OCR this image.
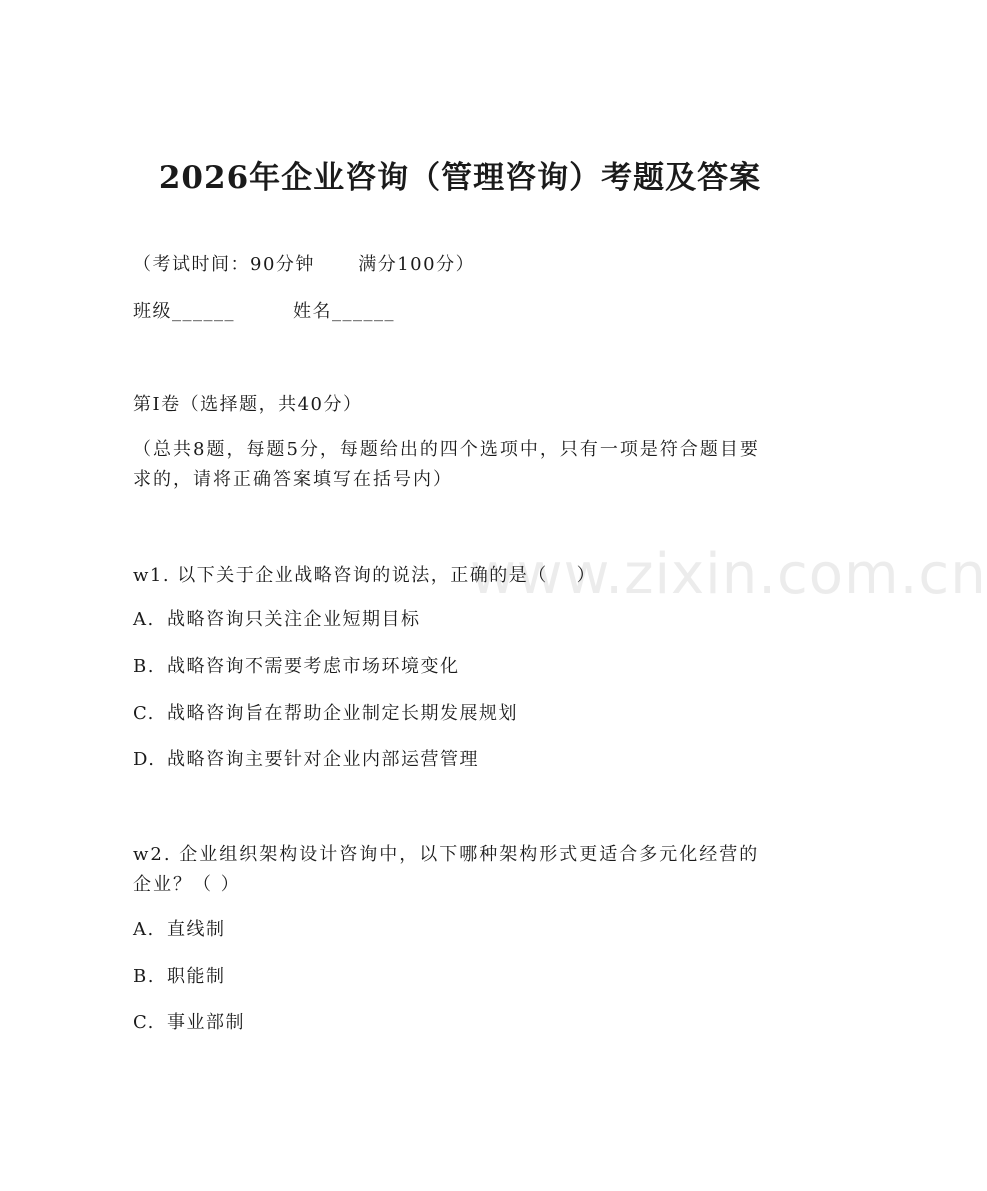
www.zixin.com.cn
2026年企业咨询（管理咨询）考题及答案
（考试时间：90分钟      满分100分）
班级______	姓名______
第I卷（选择题，共40分）
（总共8题，每题5分，每题给出的四个选项中，只有一项是符合题目要求的，请将正确答案填写在括号内）
w1. 以下关于企业战略咨询的说法，正确的是（    ）
A. 战略咨询只关注企业短期目标
B. 战略咨询不需要考虑市场环境变化
C. 战略咨询旨在帮助企业制定长期发展规划
D. 战略咨询主要针对企业内部运营管理
w2. 企业组织架构设计咨询中，以下哪种架构形式更适合多元化经营的企业？（ ）
A. 直线制
B. 职能制
C. 事业部制
